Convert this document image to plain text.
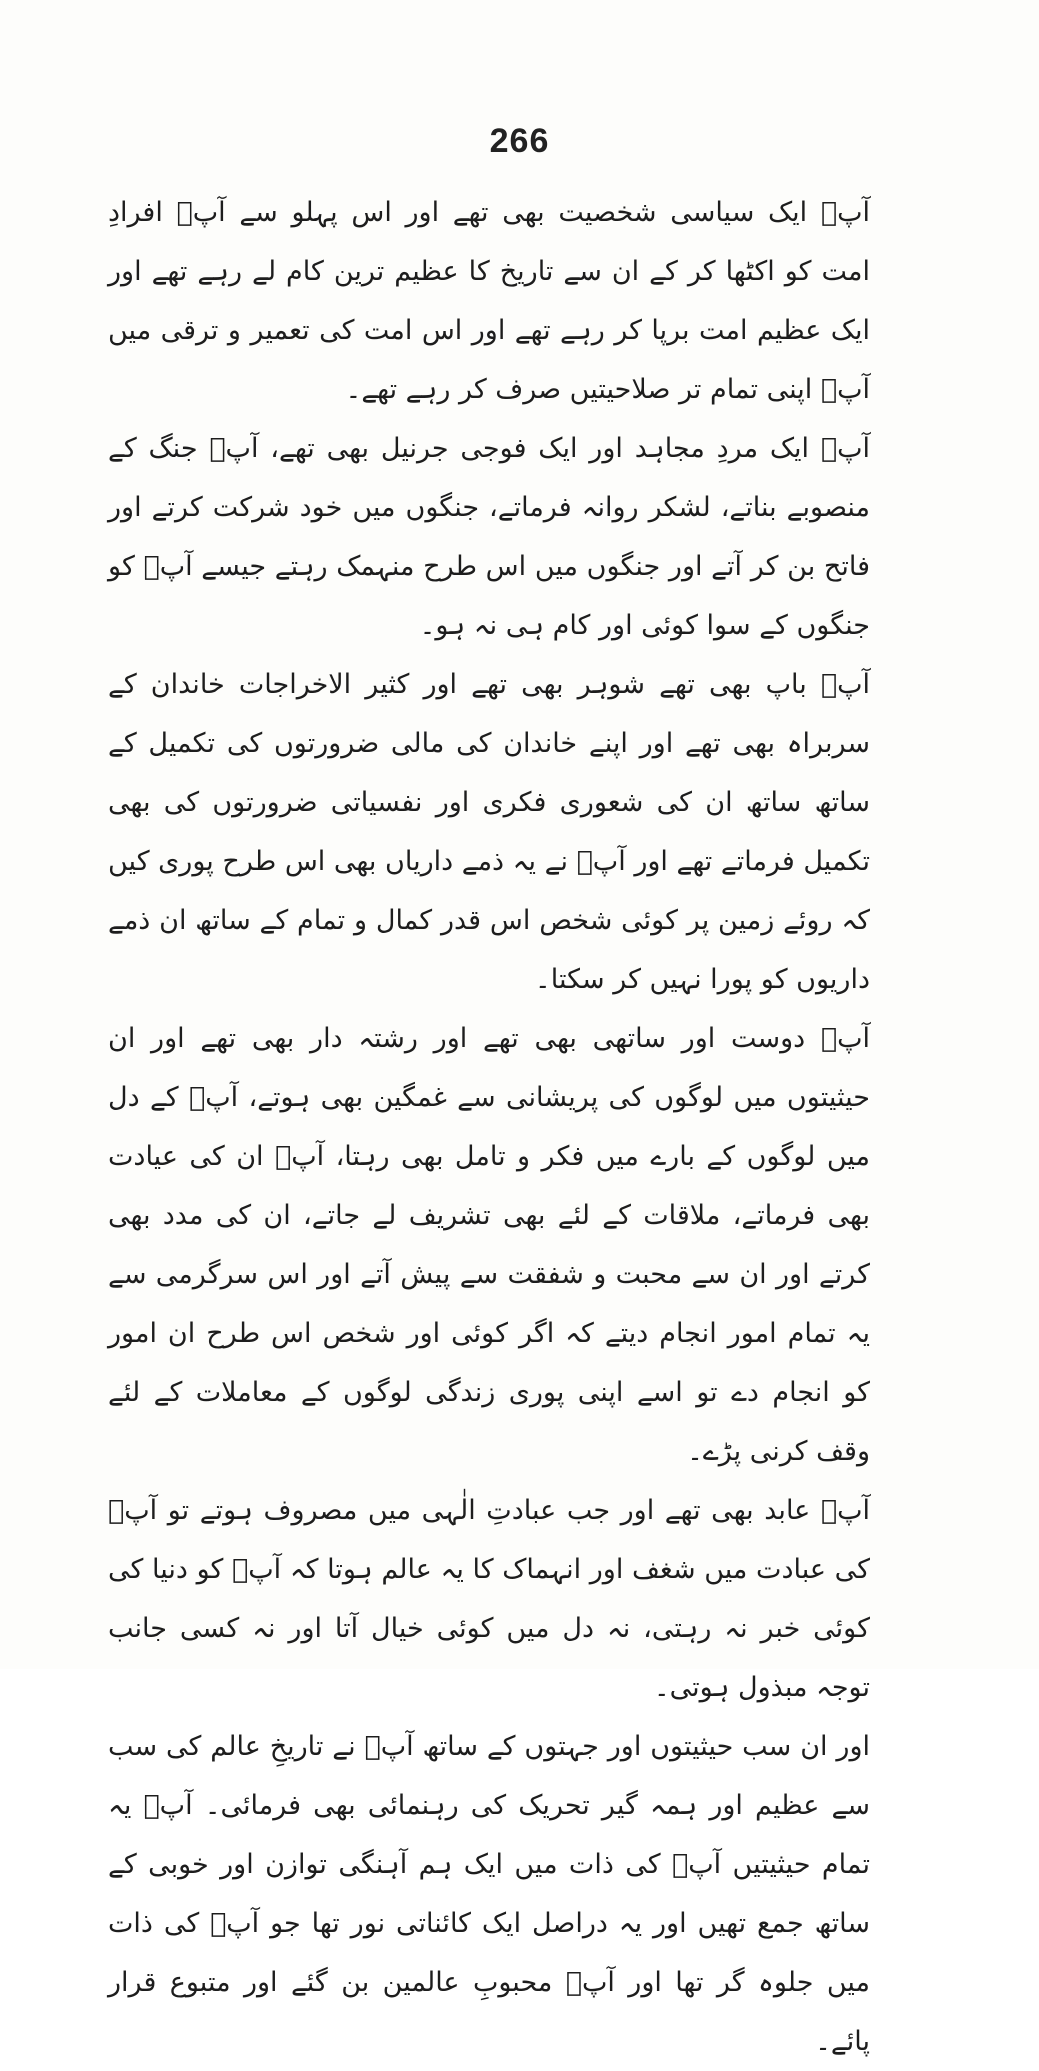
266

آپؐ ایک سیاسی شخصیت بھی تھے اور اس پہلو سے آپؐ افرادِ امت کو اکٹھا کر کے ان سے تاریخ کا عظیم ترین کام لے رہے تھے اور ایک عظیم امت برپا کر رہے تھے اور اس امت کی تعمیر و ترقی میں آپؐ اپنی تمام تر صلاحیتیں صرف کر رہے تھے۔

آپؐ ایک مردِ مجاہد اور ایک فوجی جرنیل بھی تھے، آپؐ جنگ کے منصوبے بناتے، لشکر روانہ فرماتے، جنگوں میں خود شرکت کرتے اور فاتح بن کر آتے اور جنگوں میں اس طرح منہمک رہتے جیسے آپؐ کو جنگوں کے سوا کوئی اور کام ہی نہ ہو۔

آپؐ باپ بھی تھے شوہر بھی تھے اور کثیر الاخراجات خاندان کے سربراہ بھی تھے اور اپنے خاندان کی مالی ضرورتوں کی تکمیل کے ساتھ ساتھ ان کی شعوری فکری اور نفسیاتی ضرورتوں کی بھی تکمیل فرماتے تھے اور آپؐ نے یہ ذمے داریاں بھی اس طرح پوری کیں کہ روئے زمین پر کوئی شخص اس قدر کمال و تمام کے ساتھ ان ذمے داریوں کو پورا نہیں کر سکتا۔

آپؐ دوست اور ساتھی بھی تھے اور رشتہ دار بھی تھے اور ان حیثیتوں میں لوگوں کی پریشانی سے غمگین بھی ہوتے، آپؐ کے دل میں لوگوں کے بارے میں فکر و تامل بھی رہتا، آپؐ ان کی عیادت بھی فرماتے، ملاقات کے لئے بھی تشریف لے جاتے، ان کی مدد بھی کرتے اور ان سے محبت و شفقت سے پیش آتے اور اس سرگرمی سے یہ تمام امور انجام دیتے کہ اگر کوئی اور شخص اس طرح ان امور کو انجام دے تو اسے اپنی پوری زندگی لوگوں کے معاملات کے لئے وقف کرنی پڑے۔

آپؐ عابد بھی تھے اور جب عبادتِ الٰہی میں مصروف ہوتے تو آپؐ کی عبادت میں شغف اور انہماک کا یہ عالم ہوتا کہ آپؐ کو دنیا کی کوئی خبر نہ رہتی، نہ دل میں کوئی خیال آتا اور نہ کسی جانب توجہ مبذول ہوتی۔

اور ان سب حیثیتوں اور جہتوں کے ساتھ آپؐ نے تاریخِ عالم کی سب سے عظیم اور ہمہ گیر تحریک کی رہنمائی بھی فرمائی۔ آپؐ یہ تمام حیثیتیں آپؐ کی ذات میں ایک ہم آہنگی توازن اور خوبی کے ساتھ جمع تھیں اور یہ دراصل ایک کائناتی نور تھا جو آپؐ کی ذات میں جلوہ گر تھا اور آپؐ محبوبِ عالمین بن گئے اور متبوع قرار پائے۔
